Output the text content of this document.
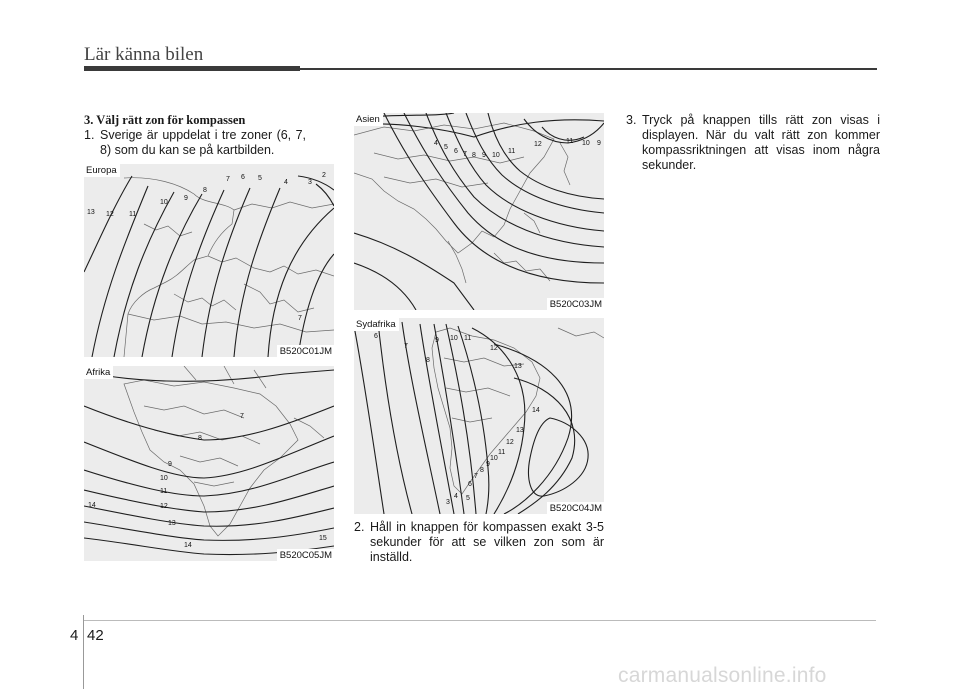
Lär känna bilen
3. Välj rätt zon för kompassen
1. Sverige är uppdelat i tre zoner (6, 7, 8) som du kan se på kartbilden.
2. Håll in knappen för kompassen exakt 3-5 sekunder för att se vilken zon som är inställd.
3. Tryck på knappen tills rätt zon visas i displayen. När du valt rätt zon kommer kompassriktningen att visas inom några sekunder.
13 12 11
10
9
8
7 6 5
4	3
2
7
Europa
B520C01JM
7
8
9
10
11
12
13
14
14
15
Afrika
B520C05JM
4
5
6 7 8 9 10
11
12	11 10 9
Asien
B520C03JM
6
7
8
9 10 11
12
13
14
13
12
11
10
9
8
7
6
5
4
3
Sydafrika
B520C04JM
4 42
carmanualsonline.info
